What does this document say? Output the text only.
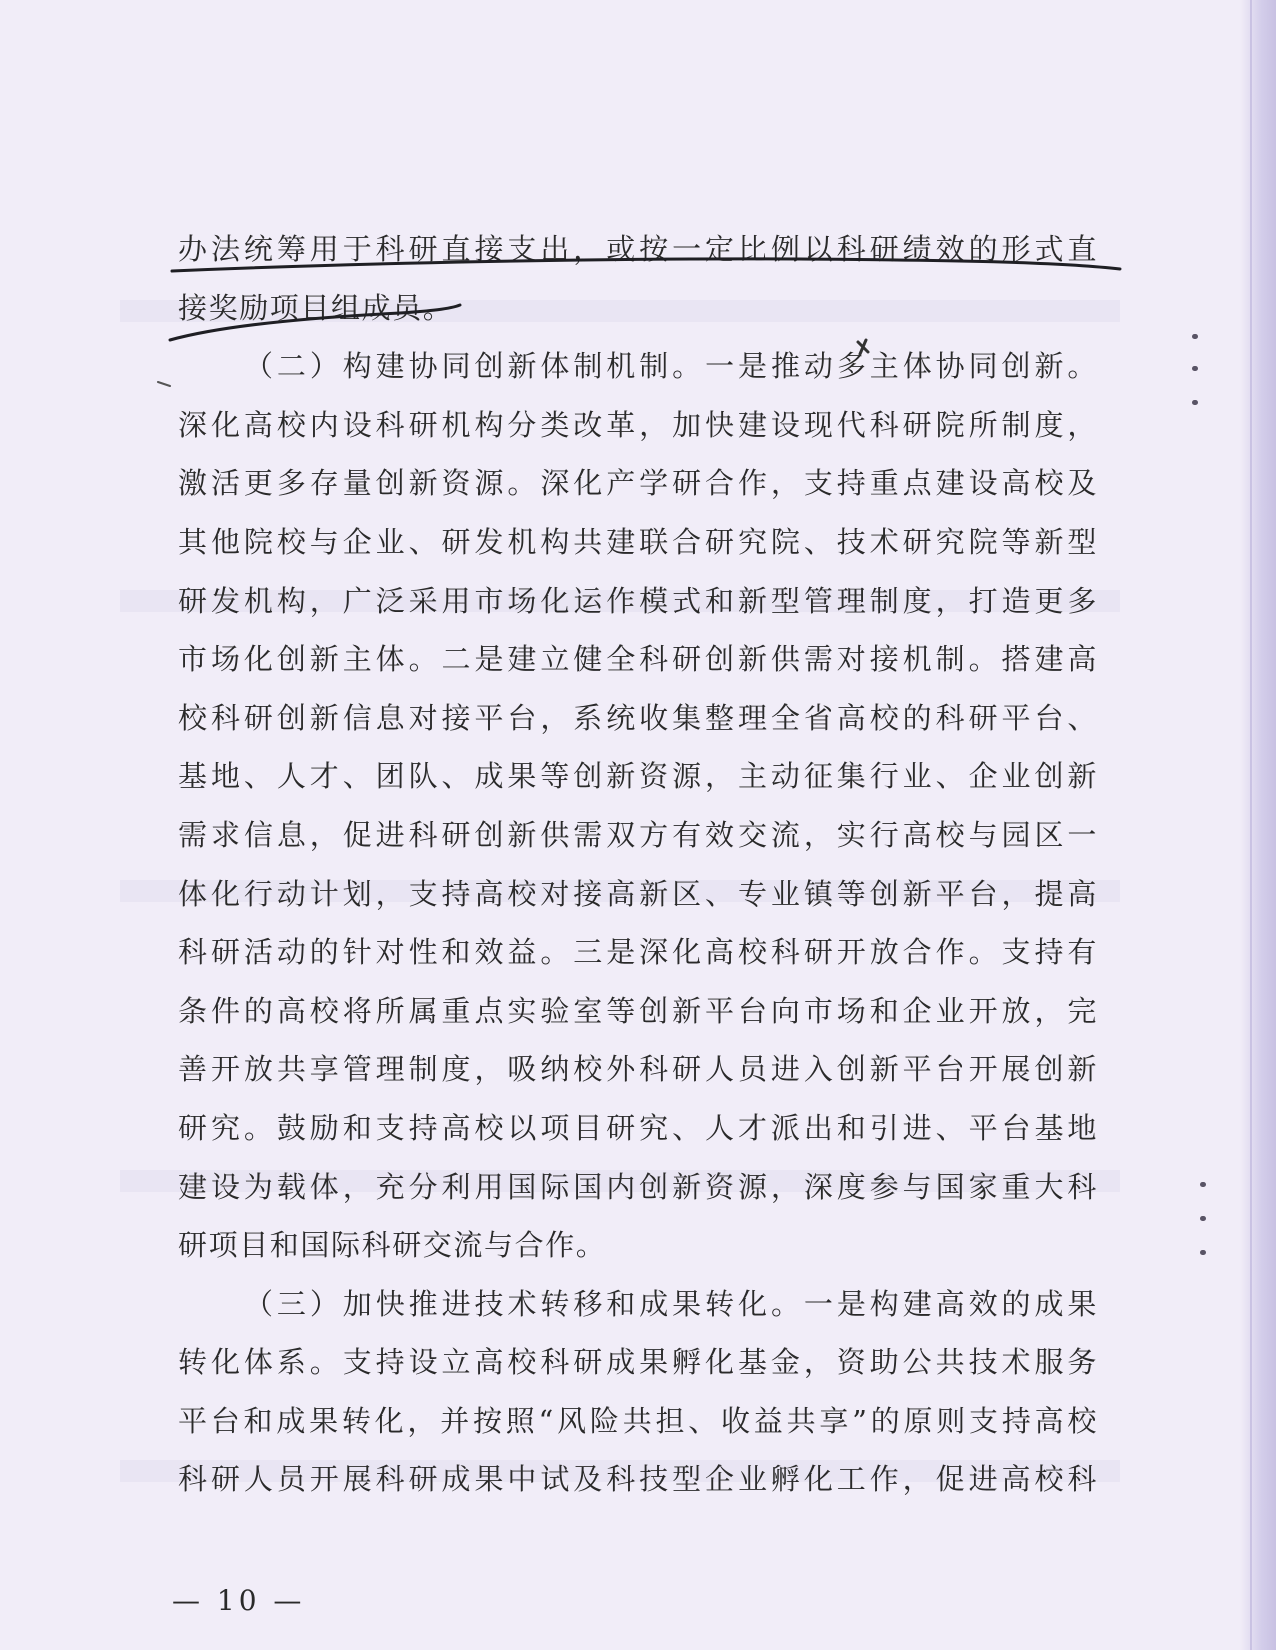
办法统筹用于科研直接支出，或按一定比例以科研绩效的形式直
接奖励项目组成员。
（二）构建协同创新体制机制。一是推动多主体协同创新。
深化高校内设科研机构分类改革，加快建设现代科研院所制度，
激活更多存量创新资源。深化产学研合作，支持重点建设高校及
其他院校与企业、研发机构共建联合研究院、技术研究院等新型
研发机构，广泛采用市场化运作模式和新型管理制度，打造更多
市场化创新主体。二是建立健全科研创新供需对接机制。搭建高
校科研创新信息对接平台，系统收集整理全省高校的科研平台、
基地、人才、团队、成果等创新资源，主动征集行业、企业创新
需求信息，促进科研创新供需双方有效交流，实行高校与园区一
体化行动计划，支持高校对接高新区、专业镇等创新平台，提高
科研活动的针对性和效益。三是深化高校科研开放合作。支持有
条件的高校将所属重点实验室等创新平台向市场和企业开放，完
善开放共享管理制度，吸纳校外科研人员进入创新平台开展创新
研究。鼓励和支持高校以项目研究、人才派出和引进、平台基地
建设为载体，充分利用国际国内创新资源，深度参与国家重大科
研项目和国际科研交流与合作。
（三）加快推进技术转移和成果转化。一是构建高效的成果
转化体系。支持设立高校科研成果孵化基金，资助公共技术服务
平台和成果转化，并按照“风险共担、收益共享”的原则支持高校
科研人员开展科研成果中试及科技型企业孵化工作，促进高校科
— 10 —
